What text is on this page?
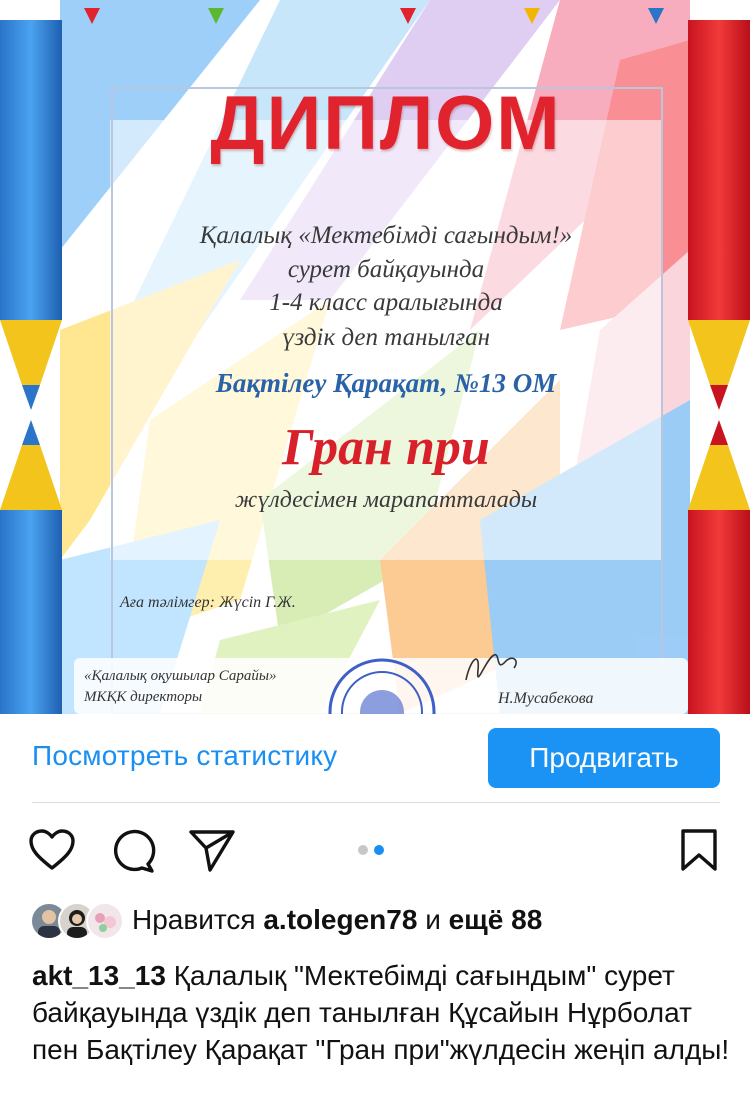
ДИПЛОМ
Қалалық «Мектебімді сағындым!»
сурет байқауында
1-4 класс аралығында
үздік деп танылған
Бақтілеу Қарақат, №13 ОМ
Гран при
жүлдесімен марапатталады
Аға тәлімгер: Жүсіп Г.Ж.
«Қалалық оқушылар Сарайы»
МКҚК директоры	Н.Мусабекова
Посмотреть статистику	Продвигать
Нравится a.tolegen78 и ещё 88
akt_13_13 Қалалық "Мектебімді сағындым" сурет байқауында үздік деп танылған Құсайын Нұрболат пен Бақтілеу Қарақат "Гран при"жүлдесін жеңіп алды!
